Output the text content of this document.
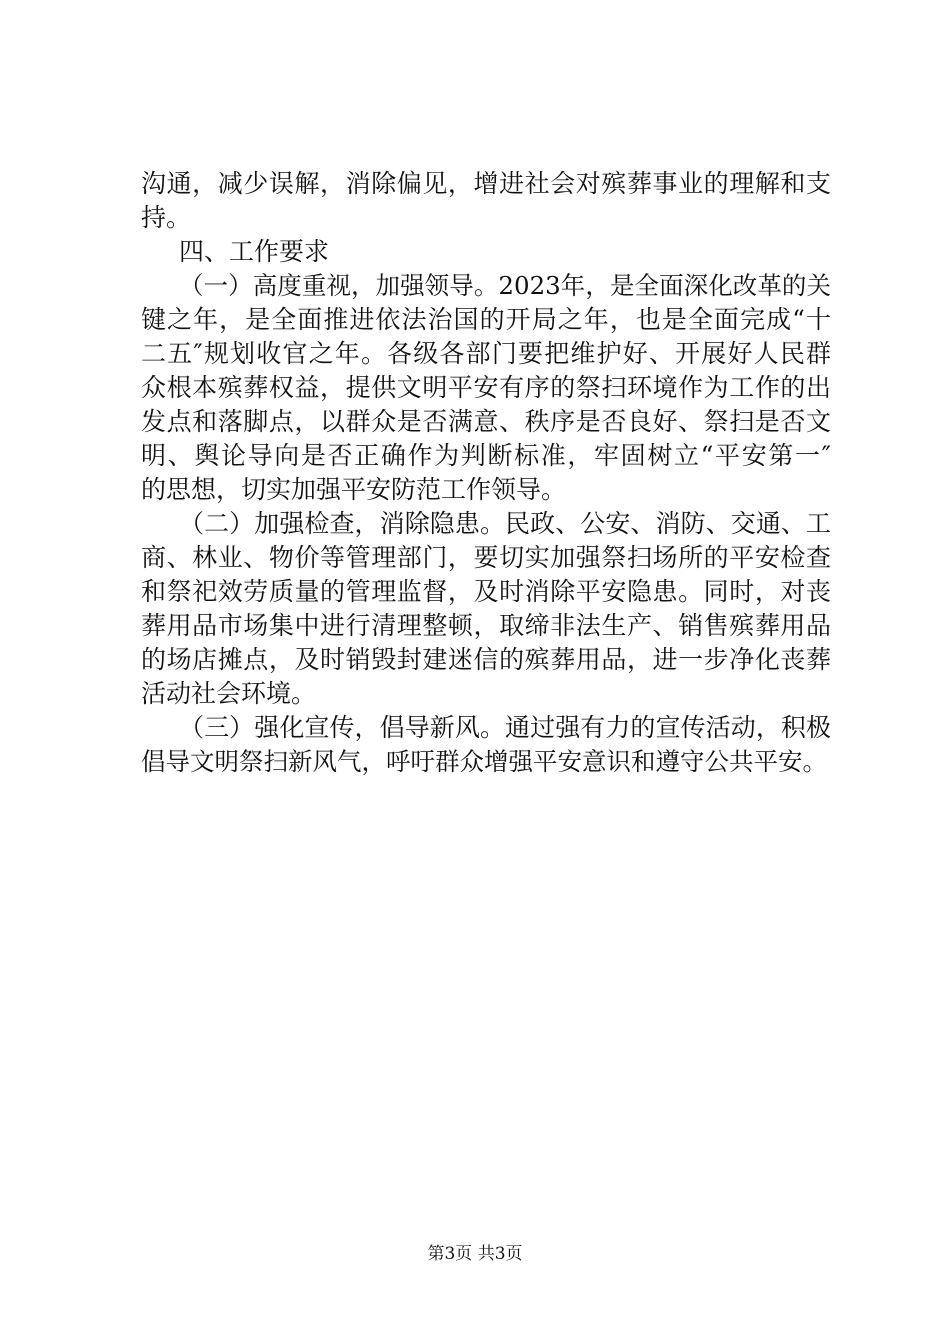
沟通，减少误解，消除偏见，增进社会对殡葬事业的理解和支
持。
四、工作要求
（一）高度重视，加强领导。2023年，是全面深化改革的关
键之年，是全面推进依法治国的开局之年，也是全面完成“十
二五″规划收官之年。各级各部门要把维护好、开展好人民群
众根本殡葬权益，提供文明平安有序的祭扫环境作为工作的出
发点和落脚点，以群众是否满意、秩序是否良好、祭扫是否文
明、舆论导向是否正确作为判断标准，牢固树立“平安第一″
的思想，切实加强平安防范工作领导。
（二）加强检查，消除隐患。民政、公安、消防、交通、工
商、林业、物价等管理部门，要切实加强祭扫场所的平安检查
和祭祀效劳质量的管理监督，及时消除平安隐患。同时，对丧
葬用品市场集中进行清理整顿，取缔非法生产、销售殡葬用品
的场店摊点，及时销毁封建迷信的殡葬用品，进一步净化丧葬
活动社会环境。
（三）强化宣传，倡导新风。通过强有力的宣传活动，积极
倡导文明祭扫新风气，呼吁群众增强平安意识和遵守公共平安。
第3页 共3页
